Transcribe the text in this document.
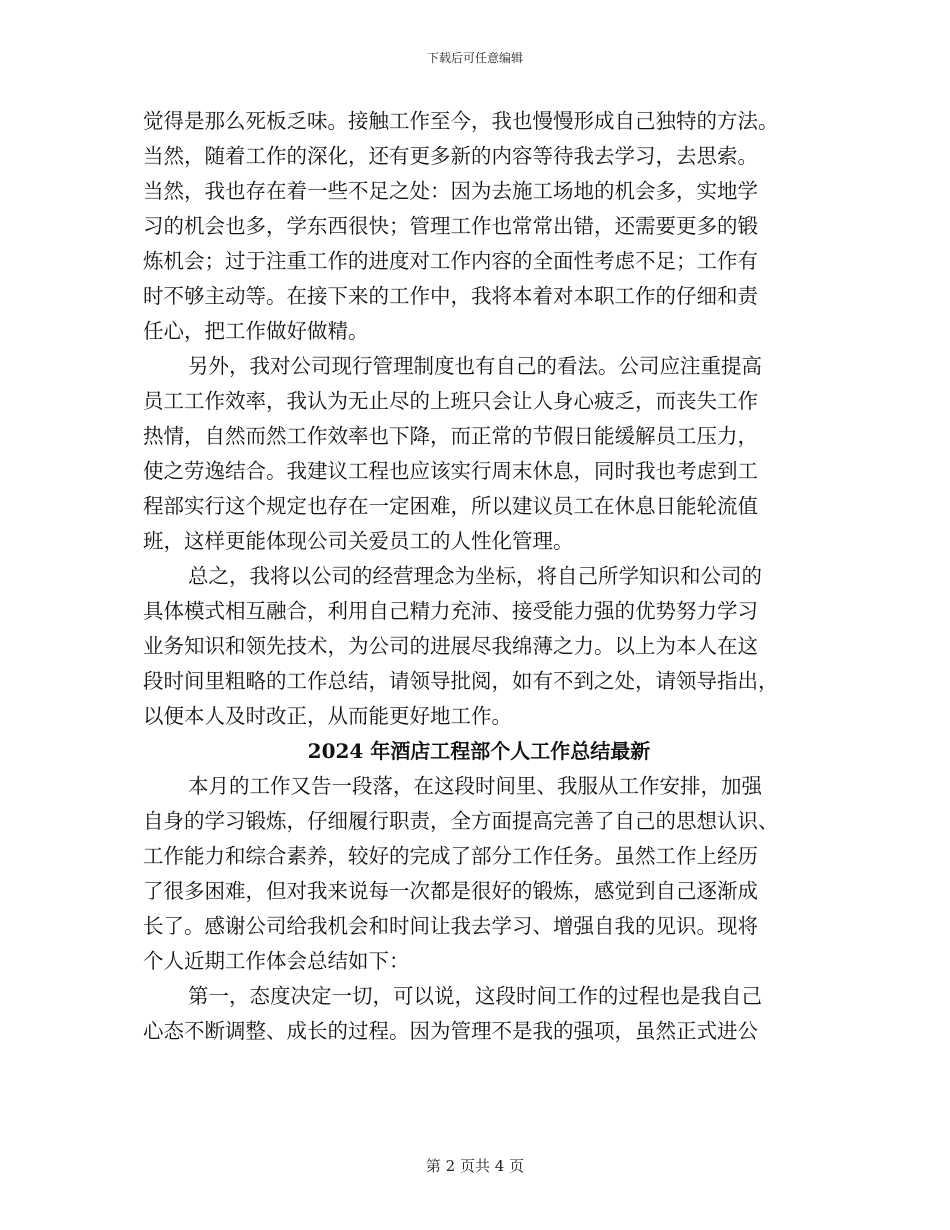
下载后可任意编辑
觉得是那么死板乏味。接触工作至今，我也慢慢形成自己独特的方法。
当然，随着工作的深化，还有更多新的内容等待我去学习，去思索。
当然，我也存在着一些不足之处：因为去施工场地的机会多，实地学
习的机会也多，学东西很快；管理工作也常常出错，还需要更多的锻
炼机会；过于注重工作的进度对工作内容的全面性考虑不足；工作有
时不够主动等。在接下来的工作中，我将本着对本职工作的仔细和责
任心，把工作做好做精。
另外，我对公司现行管理制度也有自己的看法。公司应注重提高
员工工作效率，我认为无止尽的上班只会让人身心疲乏，而丧失工作
热情，自然而然工作效率也下降，而正常的节假日能缓解员工压力，
使之劳逸结合。我建议工程也应该实行周末休息，同时我也考虑到工
程部实行这个规定也存在一定困难，所以建议员工在休息日能轮流值
班，这样更能体现公司关爱员工的人性化管理。
总之，我将以公司的经营理念为坐标，将自己所学知识和公司的
具体模式相互融合，利用自己精力充沛、接受能力强的优势努力学习
业务知识和领先技术，为公司的进展尽我绵薄之力。以上为本人在这
段时间里粗略的工作总结，请领导批阅，如有不到之处，请领导指出，
以便本人及时改正，从而能更好地工作。
2024 年酒店工程部个人工作总结最新
本月的工作又告一段落，在这段时间里、我服从工作安排，加强
自身的学习锻炼，仔细履行职责，全方面提高完善了自己的思想认识、
工作能力和综合素养，较好的完成了部分工作任务。虽然工作上经历
了很多困难，但对我来说每一次都是很好的锻炼，感觉到自己逐渐成
长了。感谢公司给我机会和时间让我去学习、增强自我的见识。现将
个人近期工作体会总结如下：
第一，态度决定一切，可以说，这段时间工作的过程也是我自己
心态不断调整、成长的过程。因为管理不是我的强项，虽然正式进公
第 2 页共 4 页
